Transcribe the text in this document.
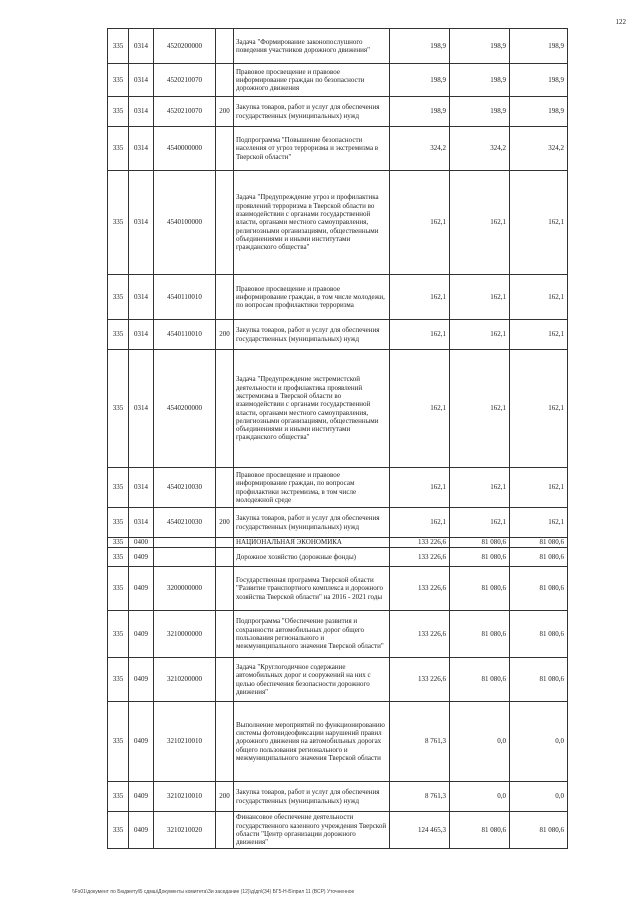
122
335	0314	4520200000		Задача "Формирование законопослушного поведения участников дорожного движения"	198,9	198,9	198,9
335	0314	4520210070		Правовое просвещение и правовое информирование граждан по безопасности дорожного движения	198,9	198,9	198,9
335	0314	4520210070	200	Закупка товаров, работ и услуг для обеспечения государственных (муниципальных) нужд	198,9	198,9	198,9
335	0314	4540000000		Подпрограмма "Повышение безопасности населения от угроз терроризма и экстремизма в Тверской области"	324,2	324,2	324,2
335	0314	4540100000		Задача "Предупреждение угроз и профилактика проявлений терроризма в Тверской области во взаимодействии с органами государственной власти, органами местного самоуправления, религиозными организациями, общественными объединениями и иными институтами гражданского общества"	162,1	162,1	162,1
335	0314	4540110010		Правовое просвещение и правовое информирование граждан, в том числе молодежи, по вопросам профилактики терроризма	162,1	162,1	162,1
335	0314	4540110010	200	Закупка товаров, работ и услуг для обеспечения государственных (муниципальных) нужд	162,1	162,1	162,1
335	0314	4540200000		Задача "Предупреждение экстремистской деятельности и профилактика проявлений экстремизма в Тверской области во взаимодействии с органами государственной власти, органами местного самоуправления, религиозными организациями, общественными объединениями и иными институтами гражданского общества"	162,1	162,1	162,1
335	0314	4540210030		Правовое просвещение и правовое информирование граждан, по вопросам профилактики экстремизма, в том числе молодежной среде	162,1	162,1	162,1
335	0314	4540210030	200	Закупка товаров, работ и услуг для обеспечения государственных (муниципальных) нужд	162,1	162,1	162,1
335	0400			НАЦИОНАЛЬНАЯ ЭКОНОМИКА	133 226,6	81 080,6	81 080,6
335	0409			Дорожное хозяйство (дорожные фонды)	133 226,6	81 080,6	81 080,6
335	0409	3200000000		Государственная программа Тверской области "Развитие транспортного комплекса и дорожного хозяйства Тверской области" на 2016 - 2021 годы	133 226,6	81 080,6	81 080,6
335	0409	3210000000		Подпрограмма "Обеспечение развития и сохранности автомобильных дорог общего пользования регионального и межмуниципального значения Тверской области"	133 226,6	81 080,6	81 080,6
335	0409	3210200000		Задача "Круглогодичное содержание автомобильных дорог и сооружений на них с целью обеспечения безопасности дорожного движения"	133 226,6	81 080,6	81 080,6
335	0409	3210210010		Выполнение мероприятий по функционированию системы фотовидеофиксации нарушений правил дорожного движения на автомобильных дорогах общего пользования регионального и межмуниципального значения Тверской области	8 761,3	0,0	0,0
335	0409	3210210010	200	Закупка товаров, работ и услуг для обеспечения государственных (муниципальных) нужд	8 761,3	0,0	0,0
335	0409	3210210020		Финансовое обеспечение деятельности государственного казенного учреждения Тверской области "Центр организации дорожного движения"	124 465,3	81 080,6	81 080,6
\\Fs01\документ по Бюджету\Б сдмш\Документы комитета\Зи заседание (12)\д\дп\(34) БГ5-Н-Б\прил 11 (ВСР) Уточненное
